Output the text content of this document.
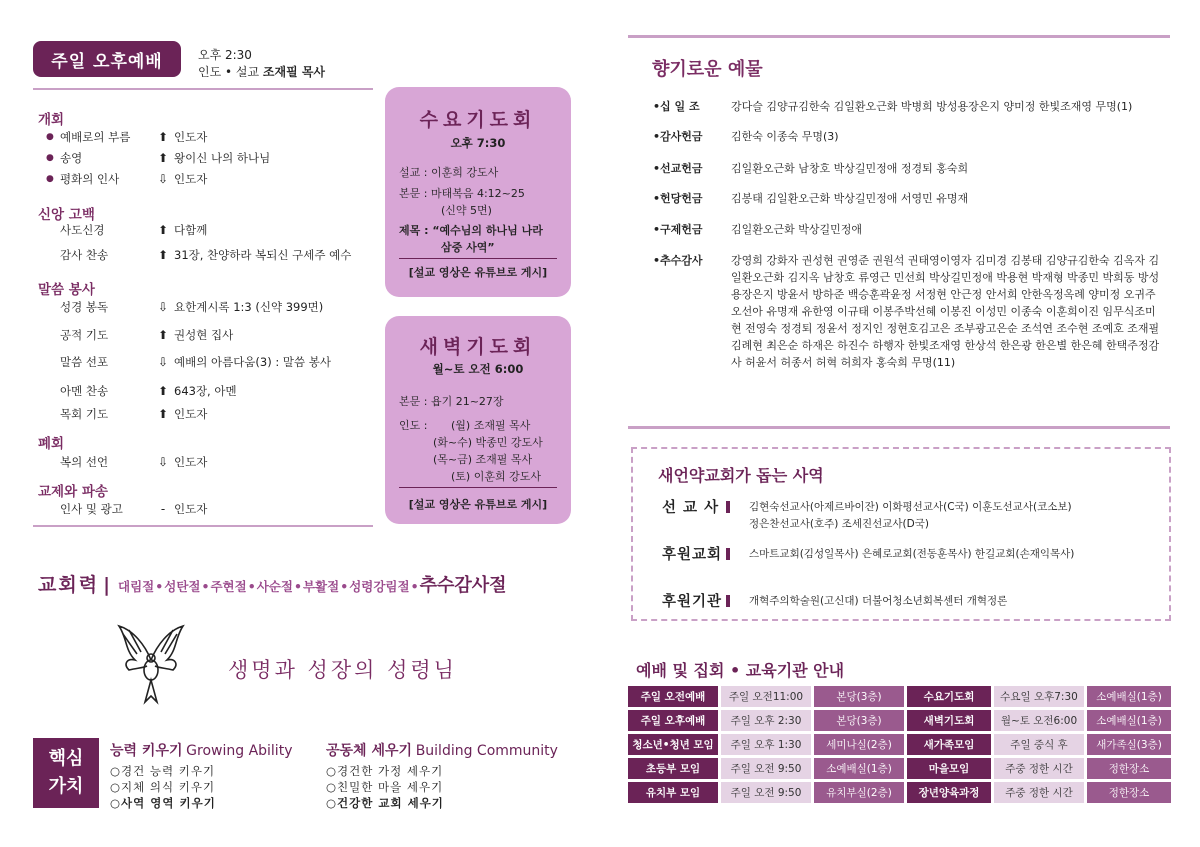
주일 오후예배	오후 2:30
인도 • 설교 조재필 목사
개회
● 예배로의 부름	⬆ 인도자
● 송영	⬆ 왕이신 나의 하나님
● 평화의 인사	⇩ 인도자
신앙 고백
사도신경	⬆ 다함께
감사 찬송	⬆ 31장, 찬양하라 복되신 구세주 예수
말씀 봉사
성경 봉독	⇩ 요한계시록 1:3 (신약 399면)
공적 기도	⬆ 권성현 집사
말씀 선포	⇩ 예배의 아름다움(3) : 말씀 봉사
아멘 찬송	⬆ 643장, 아멘
목회 기도	⬆ 인도자
폐회
복의 선언	⇩ 인도자
교제와 파송
인사 및 광고	- 인도자
수요기도회
오후 7:30
설교 : 이훈희 강도사
본문 : 마태복음 4:12~25
(신약 5면)
제목 : “예수님의 하나님 나라
삼중 사역”
[설교 영상은 유튜브로 게시]
새벽기도회
월~토 오전 6:00
본문 : 욥기 21~27장
인도 : (월) 조재필 목사
(화~수) 박종민 강도사
(목~금) 조재필 목사
(토) 이훈희 강도사
[설교 영상은 유튜브로 게시]
교회력 | 대림절•성탄절•주현절•사순절•부활절•성령강림절• 추수감사절
생명과 성장의 성령님
핵심 가치
능력 키우기 Growing Ability
○경건 능력 키우기
○지체 의식 키우기
○사역 영역 키우기
공동체 세우기 Building Community
○경건한 가정 세우기
○친밀한 마을 세우기
○건강한 교회 세우기
향기로운 예물
•십 일 조	강다슬 김양규김한숙 김일환오근화 박병희 방성용장은지 양미정 한빛조재영 무명(1)
•감사헌금	김한숙 이종숙 무명(3)
•선교헌금	김일환오근화 남창호 박상길민정애 정경퇴 홍숙희
•헌당헌금	김봉태 김일환오근화 박상길민정애 서영민 유명재
•구제헌금	김일환오근화 박상길민정애
•추수감사	강영희 강화자 권성현 권영준 권원석 권태영이영자 김미경 김봉태 김양규김한숙 김옥자 김일환오근화 김지옥 남창호 류영근 민선희 박상길민정애 박용현 박재형 박종민 박희동 방성용장은지 방윤서 방하준 백승훈곽윤정 서정현 안근정 안서희 안한옥정옥례 양미정 오귀주 오선아 유명재 유한영 이규태 이봉주박선혜 이봉진 이성민 이종숙 이훈희이진 임무식조미현 전영숙 정경퇴 정윤서 정지인 정현호김고은 조부광고은순 조석연 조수현 조예호 조재필김례현 최은순 하재은 하진수 하행자 한빛조재영 한상석 한은광 한은별 한은혜 한택주정감사 허윤서 허종서 허혁 허희자 홍숙희 무명(11)
새언약교회가 돕는 사역
선 교 사	김현숙선교사(아제르바이잔) 이화평선교사(C국) 이훈도선교사(코소보)
정은찬선교사(호주) 조세진선교사(D국)
후원교회	스마트교회(김성일목사) 은혜로교회(전동훈목사) 한길교회(손재익목사)
후원기관	개혁주의학술원(고신대) 더불어청소년회복센터 개혁정론
예배 및 집회 • 교육기관 안내
주일 오전예배	주일 오전11:00	본당(3층)	수요기도회	수요일 오후7:30	소예배실(1층)
주일 오후예배	주일 오후 2:30	본당(3층)	새벽기도회	월~토 오전6:00	소예배실(1층)
청소년•청년 모임	주일 오후 1:30	세미나실(2층)	새가족모임	주일 중식 후	새가족실(3층)
초등부 모임	주일 오전 9:50	소예배실(1층)	마을모임	주중 정한 시간	정한장소
유치부 모임	주일 오전 9:50	유치부실(2층)	장년양육과정	주중 정한 시간	정한장소
